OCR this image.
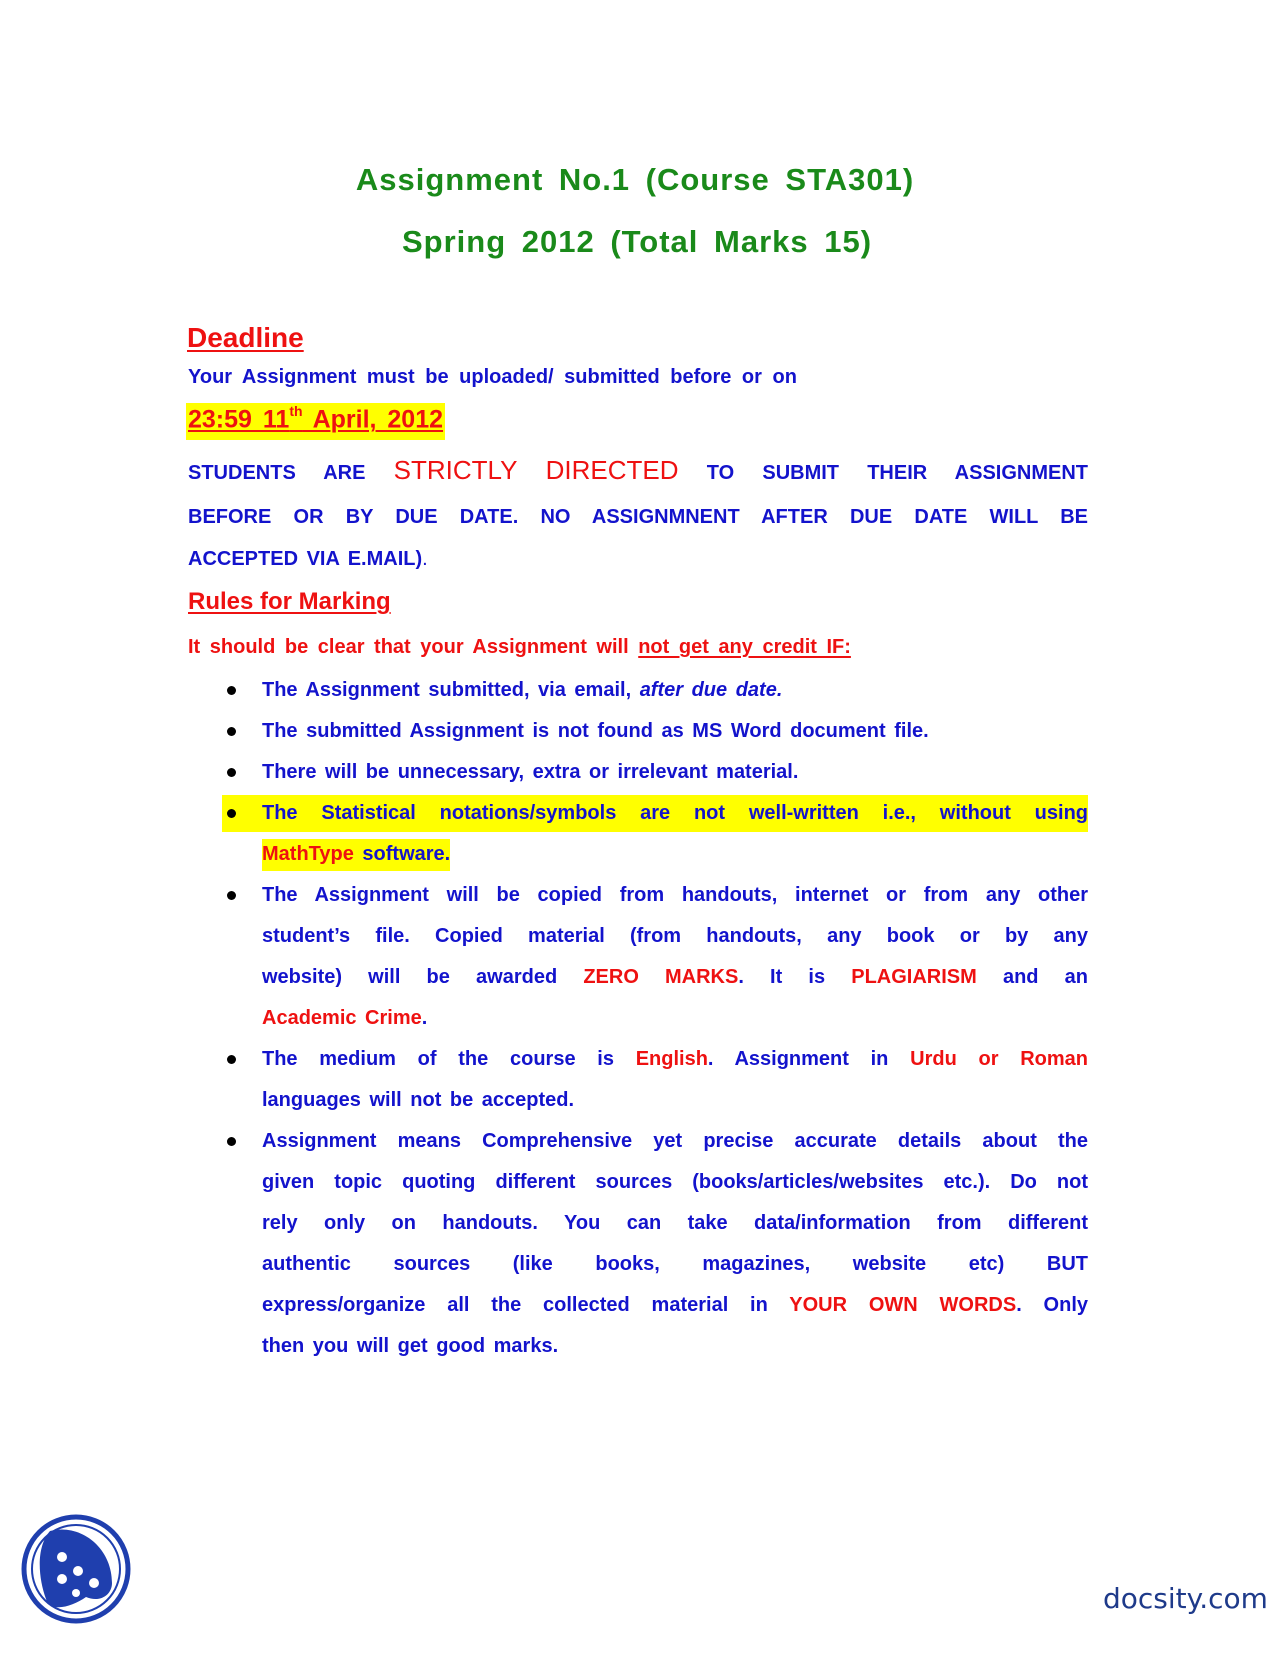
Assignment No.1 (Course STA301)
Spring 2012 (Total Marks 15)
Deadline
Your Assignment must be uploaded/ submitted before or on
23:59 11th April, 2012
STUDENTS ARE STRICTLY DIRECTED TO SUBMIT THEIR ASSIGNMENT
BEFORE OR BY DUE DATE. NO ASSIGNMNENT AFTER DUE DATE WILL BE
ACCEPTED VIA E.MAIL).
Rules for Marking
It should be clear that your Assignment will not get any credit IF:
The Assignment submitted, via email, after due date.
The submitted Assignment is not found as MS Word document file.
There will be unnecessary, extra or irrelevant material.
The Statistical notations/symbols are not well-written i.e., without using
MathType software.
The Assignment will be copied from handouts, internet or from any other
student’s file. Copied material (from handouts, any book or by any
website) will be awarded ZERO MARKS. It is PLAGIARISM and an
Academic Crime.
The medium of the course is English. Assignment in Urdu or Roman
languages will not be accepted.
Assignment means Comprehensive yet precise accurate details about the
given topic quoting different sources (books/articles/websites etc.). Do not
rely only on handouts. You can take data/information from different
authentic sources (like books, magazines, website etc) BUT
express/organize all the collected material in YOUR OWN WORDS. Only
then you will get good marks.
docsity.com
